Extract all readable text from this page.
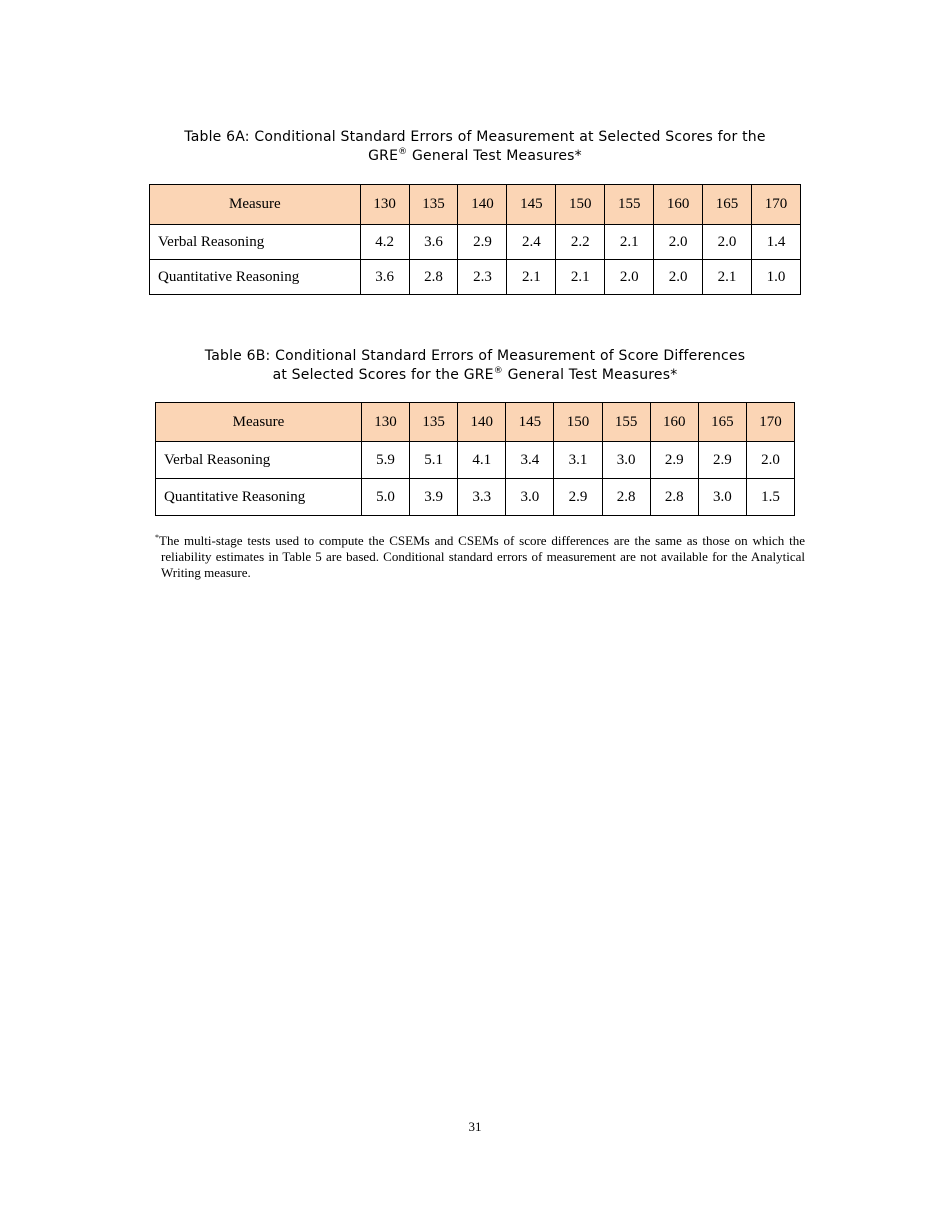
Table 6A: Conditional Standard Errors of Measurement at Selected Scores for the
GRE® General Test Measures*
Measure	130	135	140	145	150	155	160	165	170
Verbal Reasoning	4.2	3.6	2.9	2.4	2.2	2.1	2.0	2.0	1.4
Quantitative Reasoning	3.6	2.8	2.3	2.1	2.1	2.0	2.0	2.1	1.0
Table 6B: Conditional Standard Errors of Measurement of Score Differences
at Selected Scores for the GRE® General Test Measures*
Measure	130	135	140	145	150	155	160	165	170
Verbal Reasoning	5.9	5.1	4.1	3.4	3.1	3.0	2.9	2.9	2.0
Quantitative Reasoning	5.0	3.9	3.3	3.0	2.9	2.8	2.8	3.0	1.5
*The multi-stage tests used to compute the CSEMs and CSEMs of score differences are the same as those on which the reliability estimates in Table 5 are based. Conditional standard errors of measurement are not available for the Analytical Writing measure.
31
